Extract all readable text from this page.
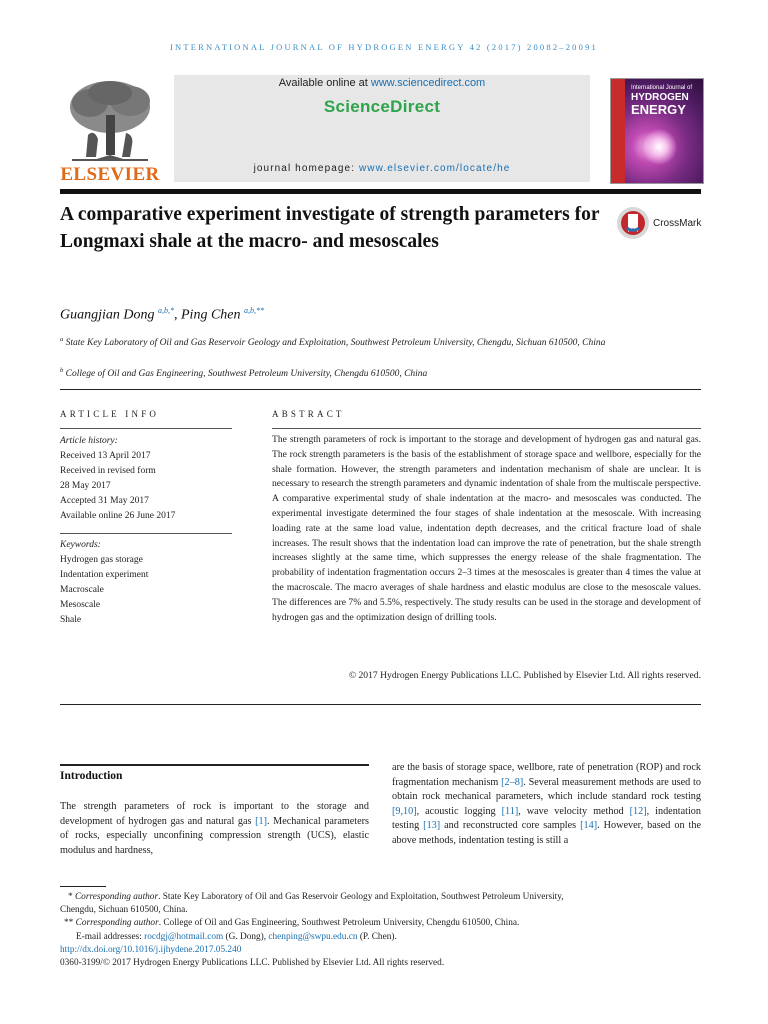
INTERNATIONAL JOURNAL OF HYDROGEN ENERGY 42 (2017) 20082–20091
ELSEVIER
Available online at www.sciencedirect.com
ScienceDirect
journal homepage: www.elsevier.com/locate/he
International Journal of
HYDROGEN
ENERGY
A comparative experiment investigate of strength parameters for Longmaxi shale at the macro- and mesoscales
CrossMark
Guangjian Dong $^{a,b,*}$, Ping Chen $^{a,b,**}$
$^a$ State Key Laboratory of Oil and Gas Reservoir Geology and Exploitation, Southwest Petroleum University, Chengdu, Sichuan 610500, China
$^b$ College of Oil and Gas Engineering, Southwest Petroleum University, Chengdu 610500, China
ARTICLE INFO	ABSTRACT
Article history:
Received 13 April 2017
Received in revised form
28 May 2017
Accepted 31 May 2017
Available online 26 June 2017
Keywords:
Hydrogen gas storage
Indentation experiment
Macroscale
Mesoscale
Shale
The strength parameters of rock is important to the storage and development of hydrogen gas and natural gas. The rock strength parameters is the basis of the establishment of storage space and wellbore, especially for the shale formation. However, the strength parameters and indentation mechanism of shale are unclear. It is necessary to research the strength parameters and dynamic indentation of shale from the multiscale perspective. A comparative experimental study of shale indentation at the macro- and mesoscales was conducted. The experimental investigate determined the four stages of shale indentation at the mesoscale. With increasing loading rate at the same load value, indentation depth decreases, and the critical fracture load of shale increases. The result shows that the indentation load can improve the rate of penetration, but the shale strength increases slightly at the same time, which suppresses the energy release of the shale fragmentation. The probability of indentation fragmentation occurs 2–3 times at the mesoscales is greater than 4 times the value at the macroscale. The macro averages of shale hardness and elastic modulus are close to the mesoscale values. The differences are 7% and 5.5%, respectively. The study results can be used in the storage and development of hydrogen gas and the optimization design of drilling tools.
© 2017 Hydrogen Energy Publications LLC. Published by Elsevier Ltd. All rights reserved.
Introduction
The strength parameters of rock is important to the storage and development of hydrogen gas and natural gas [1]. Mechanical parameters of rocks, especially unconfining compression strength (UCS), elastic modulus and hardness,
are the basis of storage space, wellbore, rate of penetration (ROP) and rock fragmentation mechanism [2–8]. Several measurement methods are used to obtain rock mechanical parameters, which include standard rock testing [9,10], acoustic logging [11], wave velocity method [12], indentation testing [13] and reconstructed core samples [14]. However, based on the above methods, indentation testing is still a
* Corresponding author. State Key Laboratory of Oil and Gas Reservoir Geology and Exploitation, Southwest Petroleum University,
Chengdu, Sichuan 610500, China.
** Corresponding author. College of Oil and Gas Engineering, Southwest Petroleum University, Chengdu 610500, China.
E-mail addresses: rocdgj@hotmail.com (G. Dong), chenping@swpu.edu.cn (P. Chen).
http://dx.doi.org/10.1016/j.ijhydene.2017.05.240
0360-3199/© 2017 Hydrogen Energy Publications LLC. Published by Elsevier Ltd. All rights reserved.
